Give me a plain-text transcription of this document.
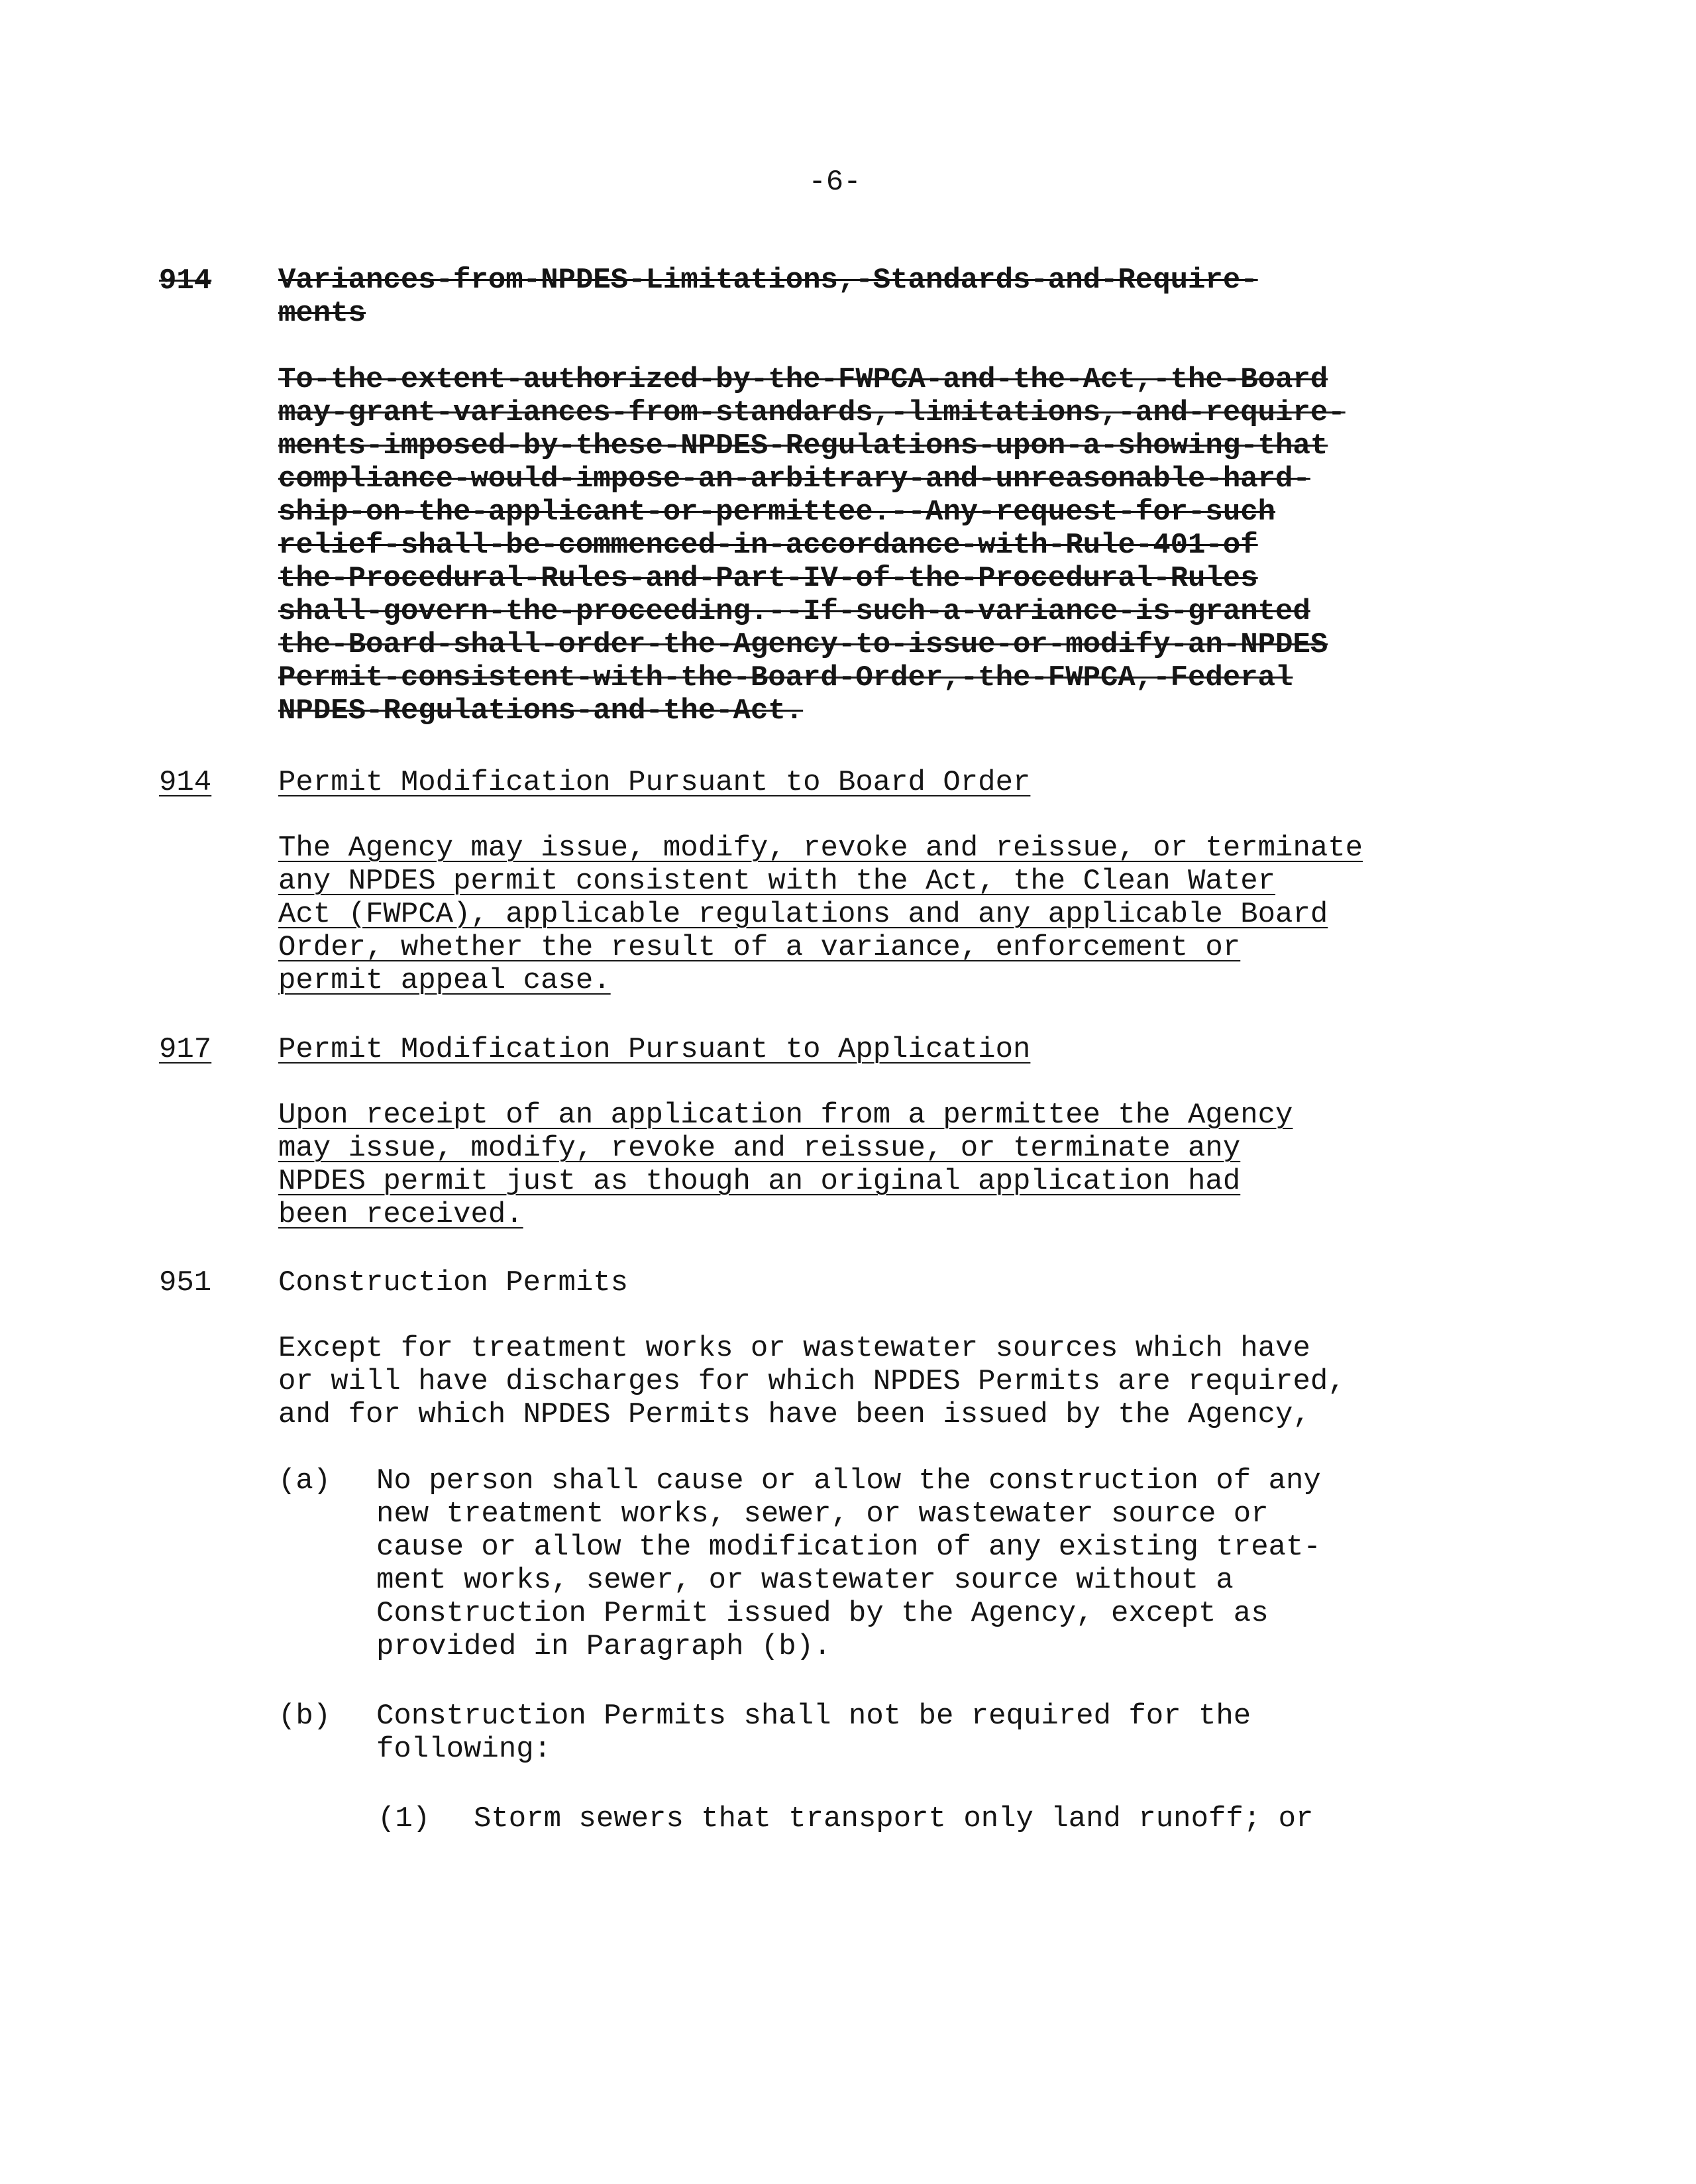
-6-
914 Variances-from-NPDES-Limitations,-Standards-and-Require-
ments
To-the-extent-authorized-by-the-FWPCA-and-the-Act,-the-Board
may-grant-variances-from-standards,-limitations,-and-require-
ments-imposed-by-these-NPDES-Regulations-upon-a-showing-that
compliance-would-impose-an-arbitrary-and-unreasonable-hard-
ship-on-the-applicant-or-permittee.--Any-request-for-such
relief-shall-be-commenced-in-accordance-with-Rule-401-of
the-Procedural-Rules-and-Part-IV-of-the-Procedural-Rules
shall-govern-the-proceeding.--If-such-a-variance-is-granted
the-Board-shall-order-the-Agency-to-issue-or-modify-an-NPDES
Permit-consistent-with-the-Board-Order,-the-FWPCA,-Federal
NPDES-Regulations-and-the-Act.
914 Permit Modification Pursuant to Board Order
The Agency may issue, modify, revoke and reissue, or terminate
any NPDES permit consistent with the Act, the Clean Water
Act (FWPCA), applicable regulations and any applicable Board
Order, whether the result of a variance, enforcement or
permit appeal case.
917 Permit Modification Pursuant to Application
Upon receipt of an application from a permittee the Agency
may issue, modify, revoke and reissue, or terminate any
NPDES permit just as though an original application had
been received.
951 Construction Permits
Except for treatment works or wastewater sources which have
or will have discharges for which NPDES Permits are required,
and for which NPDES Permits have been issued by the Agency,
(a) No person shall cause or allow the construction of any
new treatment works, sewer, or wastewater source or
cause or allow the modification of any existing treat-
ment works, sewer, or wastewater source without a
Construction Permit issued by the Agency, except as
provided in Paragraph (b).
(b) Construction Permits shall not be required for the
following:
(1) Storm sewers that transport only land runoff; or
